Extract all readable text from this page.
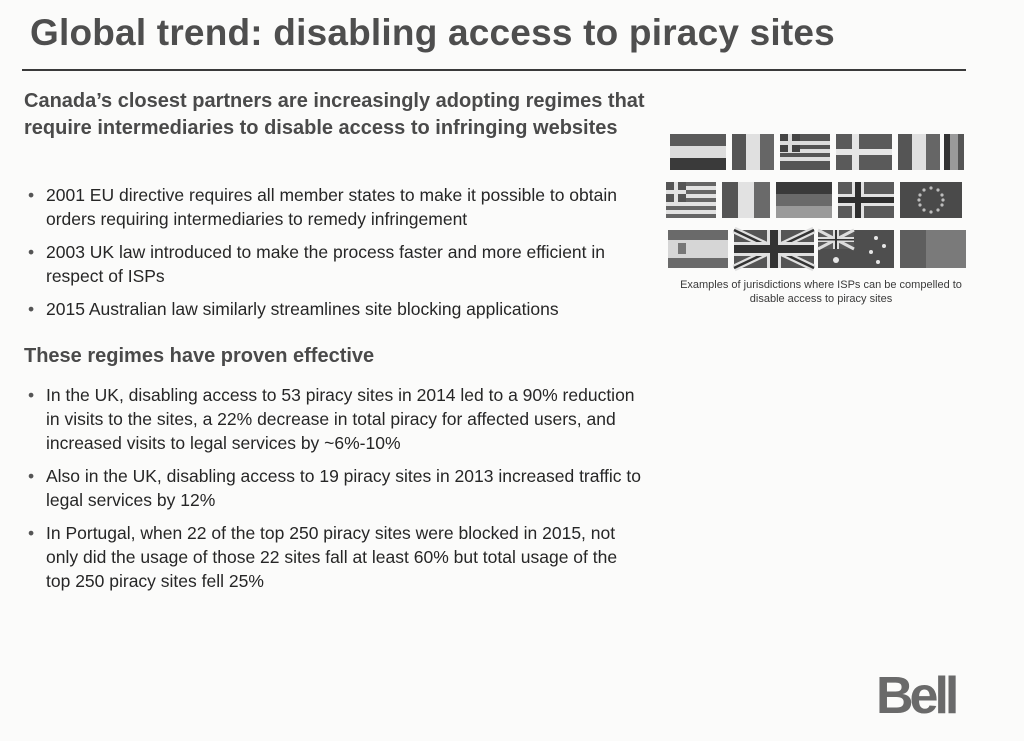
Global trend: disabling access to piracy sites
Canada’s closest partners are increasingly adopting regimes that require intermediaries to disable access to infringing websites
• 2001 EU directive requires all member states to make it possible to obtain orders requiring intermediaries to remedy infringement
• 2003 UK law introduced to make the process faster and more efficient in respect of ISPs
• 2015 Australian law similarly streamlines site blocking applications
These regimes have proven effective
• In the UK, disabling access to 53 piracy sites in 2014 led to a 90% reduction in visits to the sites, a 22% decrease in total piracy for affected users, and increased visits to legal services by ~6%-10%
• Also in the UK, disabling access to 19 piracy sites in 2013 increased traffic to legal services by 12%
• In Portugal, when 22 of the top 250 piracy sites were blocked in 2015, not only did the usage of those 22 sites fall at least 60% but total usage of the top 250 piracy sites fell 25%
Examples of jurisdictions where ISPs can be compelled to disable access to piracy sites
Bell
